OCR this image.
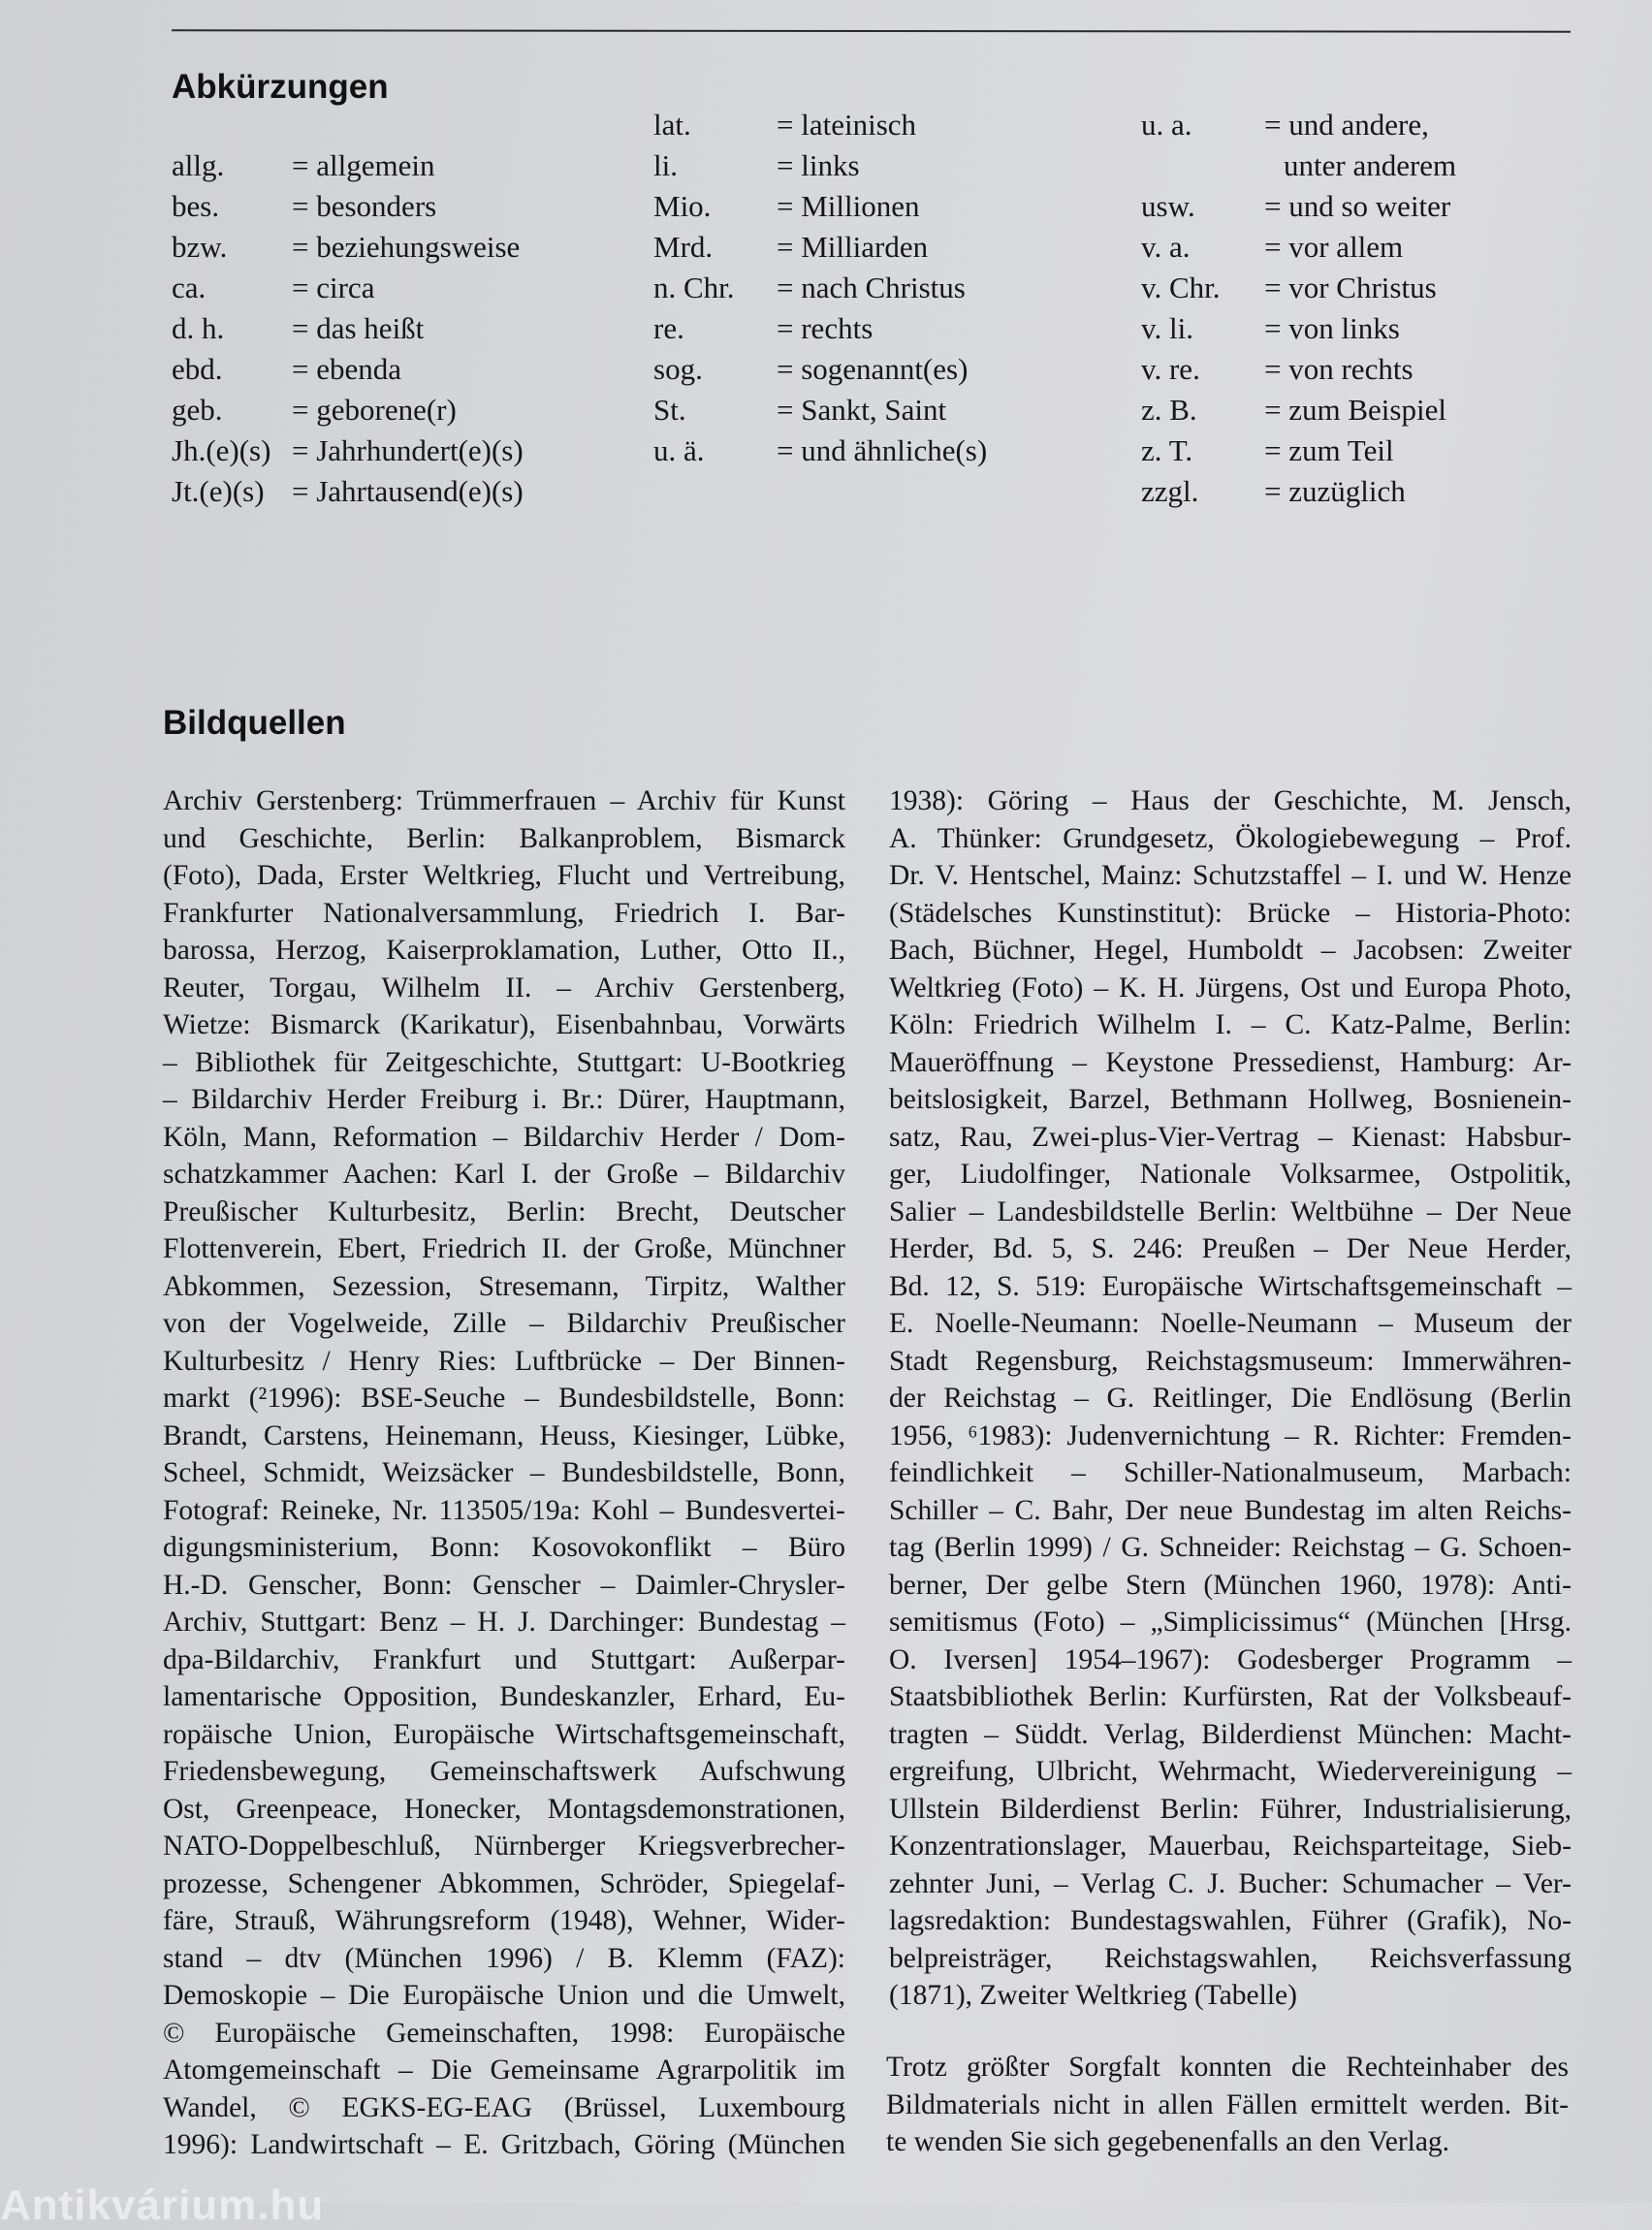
Abkürzungen
allg. = allgemein
bes. = besonders
bzw. = beziehungsweise
ca.	= circa
d. h. = das heißt
ebd. = ebenda
geb. = geborene(r)
Jh.(e)(s) = Jahrhundert(e)(s)
Jt.(e)(s) = Jahrtausend(e)(s)
lat.	= lateinisch
li.	= links
Mio. = Millionen
Mrd. = Milliarden
n. Chr. = nach Christus
re.	= rechts
sog. = sogenannt(es)
St.	= Sankt, Saint
u. ä. = und ähnliche(s)
u. a. = und andere,
unter anderem
usw. = und so weiter
v. a. = vor allem
v. Chr. = vor Christus
v. li. = von links
v. re. = von rechts
z. B. = zum Beispiel
z. T. = zum Teil
zzgl. = zuzüglich
Bildquellen
Archiv Gerstenberg: Trümmerfrauen – Archiv für Kunst
und Geschichte, Berlin: Balkanproblem, Bismarck
(Foto), Dada, Erster Weltkrieg, Flucht und Vertreibung,
Frankfurter Nationalversammlung, Friedrich I. Bar-
barossa, Herzog, Kaiserproklamation, Luther, Otto II.,
Reuter, Torgau, Wilhelm II. – Archiv Gerstenberg,
Wietze: Bismarck (Karikatur), Eisenbahnbau, Vorwärts
– Bibliothek für Zeitgeschichte, Stuttgart: U-Bootkrieg
– Bildarchiv Herder Freiburg i. Br.: Dürer, Hauptmann,
Köln, Mann, Reformation – Bildarchiv Herder / Dom-
schatzkammer Aachen: Karl I. der Große – Bildarchiv
Preußischer Kulturbesitz, Berlin: Brecht, Deutscher
Flottenverein, Ebert, Friedrich II. der Große, Münchner
Abkommen, Sezession, Stresemann, Tirpitz, Walther
von der Vogelweide, Zille – Bildarchiv Preußischer
Kulturbesitz / Henry Ries: Luftbrücke – Der Binnen-
markt (²1996): BSE-Seuche – Bundesbildstelle, Bonn:
Brandt, Carstens, Heinemann, Heuss, Kiesinger, Lübke,
Scheel, Schmidt, Weizsäcker – Bundesbildstelle, Bonn,
Fotograf: Reineke, Nr. 113505/19a: Kohl – Bundesvertei-
digungsministerium, Bonn: Kosovokonflikt – Büro
H.-D. Genscher, Bonn: Genscher – Daimler-Chrysler-
Archiv, Stuttgart: Benz – H. J. Darchinger: Bundestag –
dpa-Bildarchiv, Frankfurt und Stuttgart: Außerpar-
lamentarische Opposition, Bundeskanzler, Erhard, Eu-
ropäische Union, Europäische Wirtschaftsgemeinschaft,
Friedensbewegung, Gemeinschaftswerk Aufschwung
Ost, Greenpeace, Honecker, Montagsdemonstrationen,
NATO-Doppelbeschluß, Nürnberger Kriegsverbrecher-
prozesse, Schengener Abkommen, Schröder, Spiegelaf-
färe, Strauß, Währungsreform (1948), Wehner, Wider-
stand – dtv (München 1996) / B. Klemm (FAZ):
Demoskopie – Die Europäische Union und die Umwelt,
© Europäische Gemeinschaften, 1998: Europäische
Atomgemeinschaft – Die Gemeinsame Agrarpolitik im
Wandel, © EGKS-EG-EAG (Brüssel, Luxembourg
1996): Landwirtschaft – E. Gritzbach, Göring (München
1938): Göring – Haus der Geschichte, M. Jensch,
A. Thünker: Grundgesetz, Ökologiebewegung – Prof.
Dr. V. Hentschel, Mainz: Schutzstaffel – I. und W. Henze
(Städelsches Kunstinstitut): Brücke – Historia-Photo:
Bach, Büchner, Hegel, Humboldt – Jacobsen: Zweiter
Weltkrieg (Foto) – K. H. Jürgens, Ost und Europa Photo,
Köln: Friedrich Wilhelm I. – C. Katz-Palme, Berlin:
Maueröffnung – Keystone Pressedienst, Hamburg: Ar-
beitslosigkeit, Barzel, Bethmann Hollweg, Bosnienein-
satz, Rau, Zwei-plus-Vier-Vertrag – Kienast: Habsbur-
ger, Liudolfinger, Nationale Volksarmee, Ostpolitik,
Salier – Landesbildstelle Berlin: Weltbühne – Der Neue
Herder, Bd. 5, S. 246: Preußen – Der Neue Herder,
Bd. 12, S. 519: Europäische Wirtschaftsgemeinschaft –
E. Noelle-Neumann: Noelle-Neumann – Museum der
Stadt Regensburg, Reichstagsmuseum: Immerwähren-
der Reichstag – G. Reitlinger, Die Endlösung (Berlin
1956, ⁶1983): Judenvernichtung – R. Richter: Fremden-
feindlichkeit – Schiller-Nationalmuseum, Marbach:
Schiller – C. Bahr, Der neue Bundestag im alten Reichs-
tag (Berlin 1999) / G. Schneider: Reichstag – G. Schoen-
berner, Der gelbe Stern (München 1960, 1978): Anti-
semitismus (Foto) – „Simplicissimus“ (München [Hrsg.
O. Iversen] 1954–1967): Godesberger Programm –
Staatsbibliothek Berlin: Kurfürsten, Rat der Volksbeauf-
tragten – Süddt. Verlag, Bilderdienst München: Macht-
ergreifung, Ulbricht, Wehrmacht, Wiedervereinigung –
Ullstein Bilderdienst Berlin: Führer, Industrialisierung,
Konzentrationslager, Mauerbau, Reichsparteitage, Sieb-
zehnter Juni, – Verlag C. J. Bucher: Schumacher – Ver-
lagsredaktion: Bundestagswahlen, Führer (Grafik), No-
belpreisträger, Reichstagswahlen, Reichsverfassung
(1871), Zweiter Weltkrieg (Tabelle)
Trotz größter Sorgfalt konnten die Rechteinhaber des
Bildmaterials nicht in allen Fällen ermittelt werden. Bit-
te wenden Sie sich gegebenenfalls an den Verlag.
Antikvárium.hu
